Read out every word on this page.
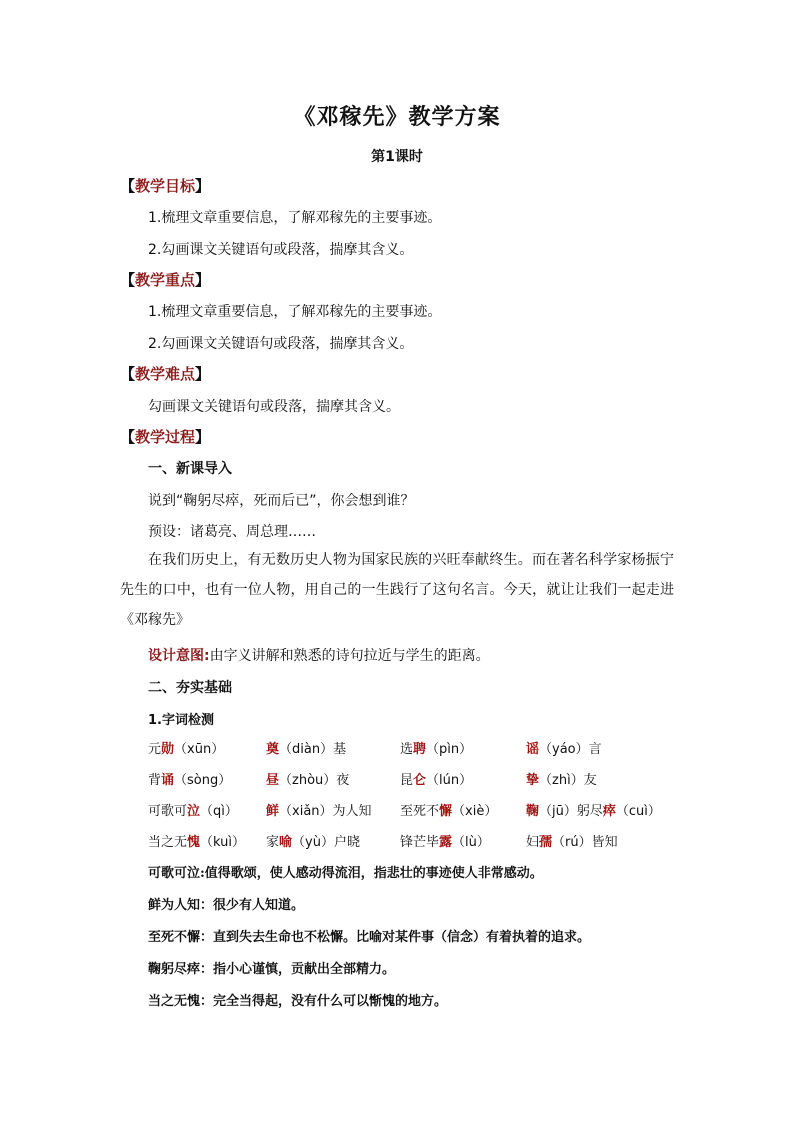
《邓稼先》教学方案
第1课时
【教学目标】
1.梳理文章重要信息，了解邓稼先的主要事迹。
2.勾画课文关键语句或段落，揣摩其含义。
【教学重点】
1.梳理文章重要信息，了解邓稼先的主要事迹。
2.勾画课文关键语句或段落，揣摩其含义。
【教学难点】
勾画课文关键语句或段落，揣摩其含义。
【教学过程】
一、新课导入
说到“鞠躬尽瘁，死而后已”，你会想到谁？
预设：诸葛亮、周总理……
在我们历史上，有无数历史人物为国家民族的兴旺奉献终生。而在著名科学家杨振宁先生的口中，也有一位人物，用自己的一生践行了这句名言。今天，就让让我们一起走进《邓稼先》
设计意图:由字义讲解和熟悉的诗句拉近与学生的距离。
二、夯实基础
1.字词检测
元勋（xūn）	奠（diàn）基	选聘（pìn）	谣（yáo）言
背诵（sòng）	昼（zhòu）夜	昆仑（lún）	挚（zhì）友
可歌可泣（qì） 鲜（xiǎn）为人知 至死不懈（xiè） 鞠（jū）躬尽瘁（cuì）
当之无愧（kuì） 家喻（yù）户晓	锋芒毕露（lù）	妇孺（rú）皆知
可歌可泣:值得歌颂，使人感动得流泪，指悲壮的事迹使人非常感动。
鲜为人知：很少有人知道。
至死不懈：直到失去生命也不松懈。比喻对某件事（信念）有着执着的追求。
鞠躬尽瘁：指小心谨慎，贡献出全部精力。
当之无愧：完全当得起，没有什么可以惭愧的地方。
